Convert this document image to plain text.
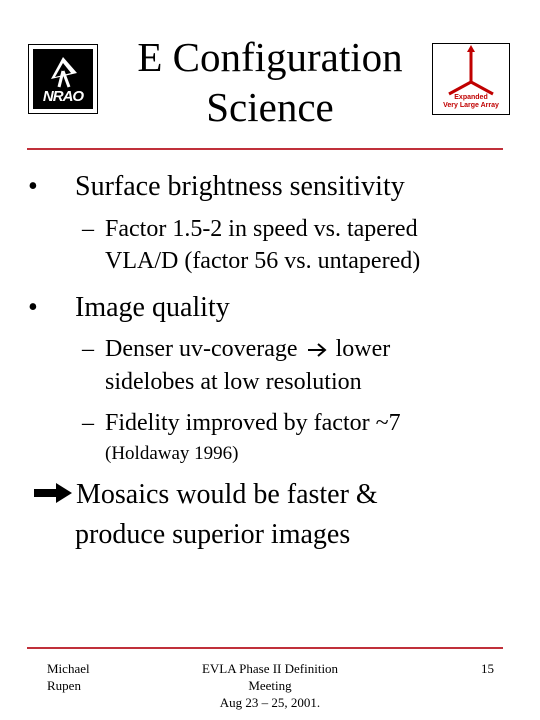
NRAO
E Configuration
Science	Expanded
Very Large Array
• Surface brightness sensitivity
– Factor 1.5-2 in speed vs. tapered
VLA/D (factor 56 vs. untapered)
• Image quality
– Denser uv-coverage lower
sidelobes at low resolution
– Fidelity improved by factor ~7
(Holdaway 1996)
Mosaics would be faster &
produce superior images
Michael
Rupen
EVLA Phase II Definition
Meeting
Aug 23 – 25, 2001.
15
